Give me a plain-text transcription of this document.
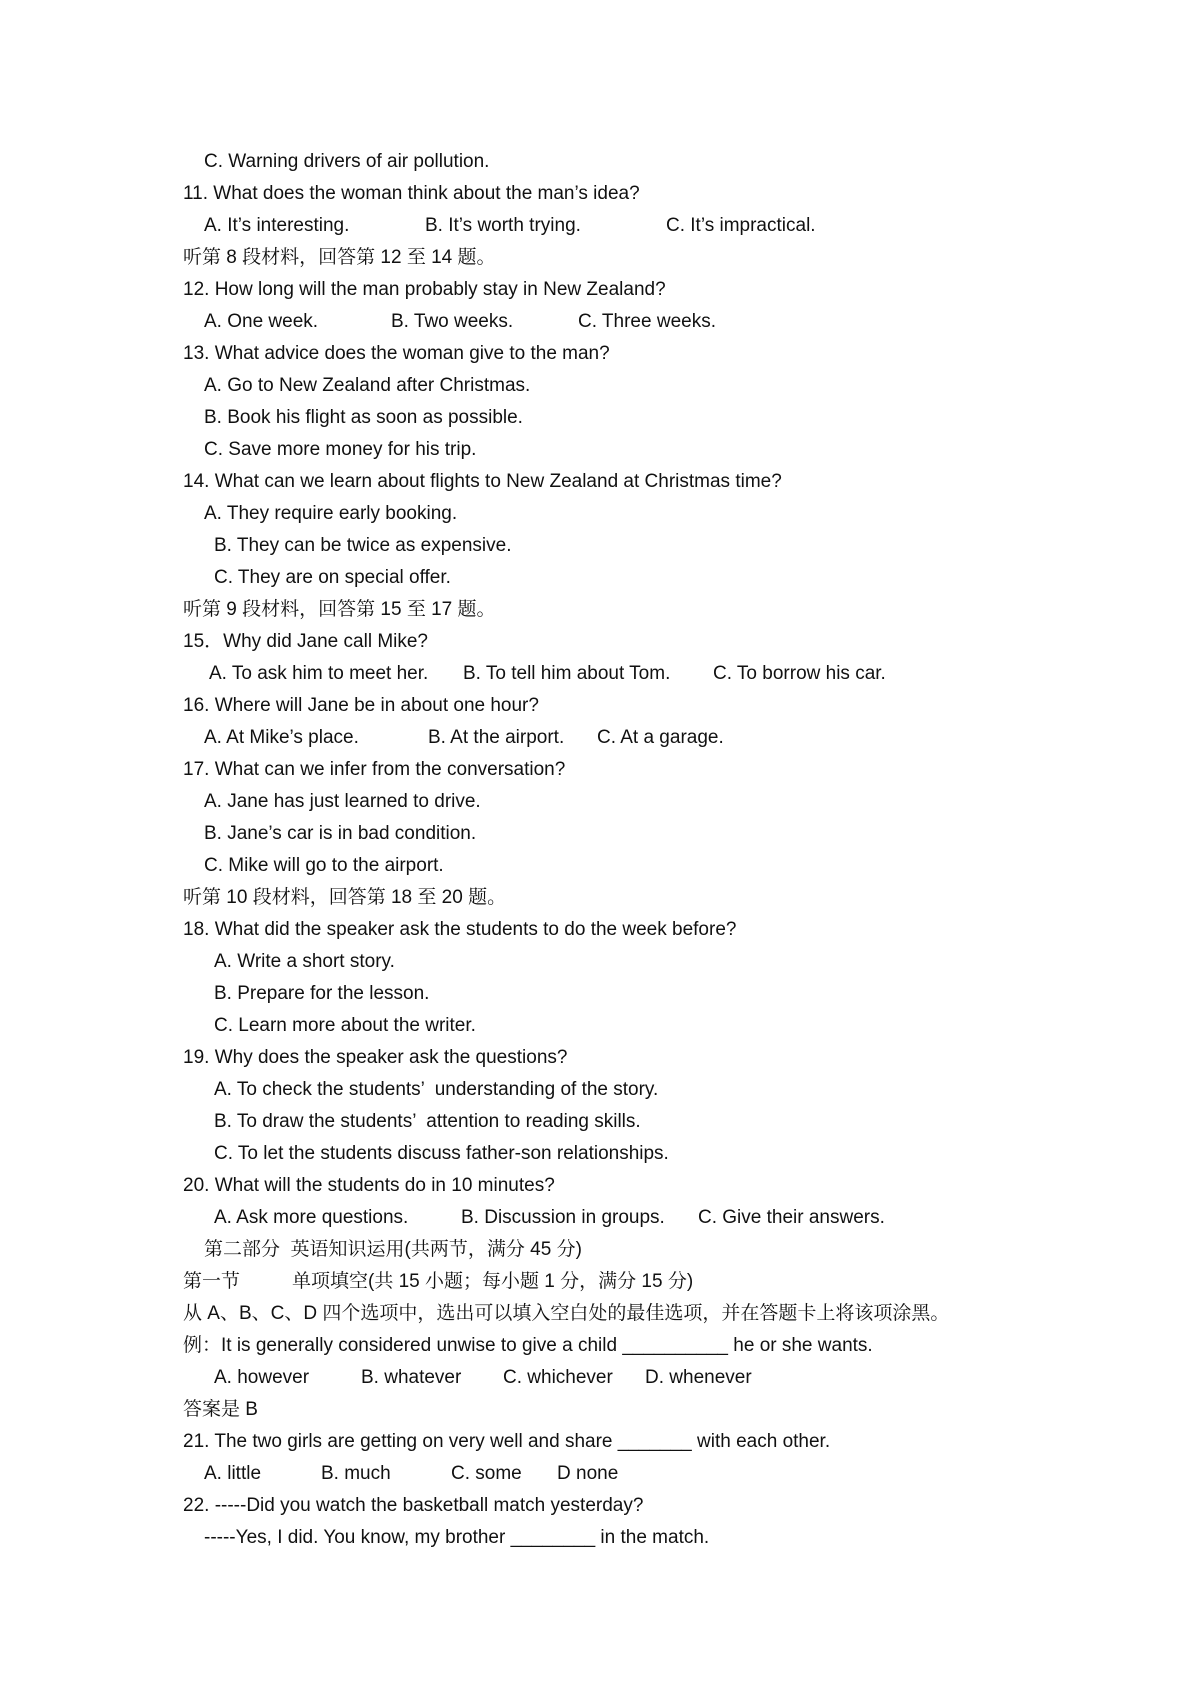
C. Warning drivers of air pollution.
11. What does the woman think about the man’s idea?
A. It’s interesting.	B. It’s worth trying.	C. It’s impractical.
听第 8 段材料，回答第 12 至 14 题。
12. How long will the man probably stay in New Zealand?
A. One week.	B. Two weeks.	C. Three weeks.
13. What advice does the woman give to the man?
A. Go to New Zealand after Christmas.
B. Book his flight as soon as possible.
C. Save more money for his trip.
14. What can we learn about flights to New Zealand at Christmas time?
A. They require early booking.
B. They can be twice as expensive.
C. They are on special offer.
听第 9 段材料，回答第 15 至 17 题。
15．Why did Jane call Mike?
A. To ask him to meet her. B. To tell him about Tom. C. To borrow his car.
16. Where will Jane be in about one hour?
A. At Mike’s place.	B. At the airport. C. At a garage.
17. What can we infer from the conversation?
A. Jane has just learned to drive.
B. Jane’s car is in bad condition.
C. Mike will go to the airport.
听第 10 段材料，回答第 18 至 20 题。
18. What did the speaker ask the students to do the week before?
A. Write a short story.
B. Prepare for the lesson.
C. Learn more about the writer.
19. Why does the speaker ask the questions?
A. To check the students’  understanding of the story.
B. To draw the students’  attention to reading skills.
C. To let the students discuss father-son relationships.
20. What will the students do in 10 minutes?
A. Ask more questions.	B. Discussion in groups. C. Give their answers.
第二部分  英语知识运用(共两节，满分 45 分)
第一节	单项填空(共 15 小题；每小题 1 分，满分 15 分)
从 A、B、C、D 四个选项中，选出可以填入空白处的最佳选项，并在答题卡上将该项涂黑。
例：It is generally considered unwise to give a child __________ he or she wants.
A. however	B. whatever C. whichever D. whenever
答案是 B
21. The two girls are getting on very well and share _______ with each other.
A. little	B. much	C. some D none
22. -----Did you watch the basketball match yesterday?
-----Yes, I did. You know, my brother ________ in the match.
